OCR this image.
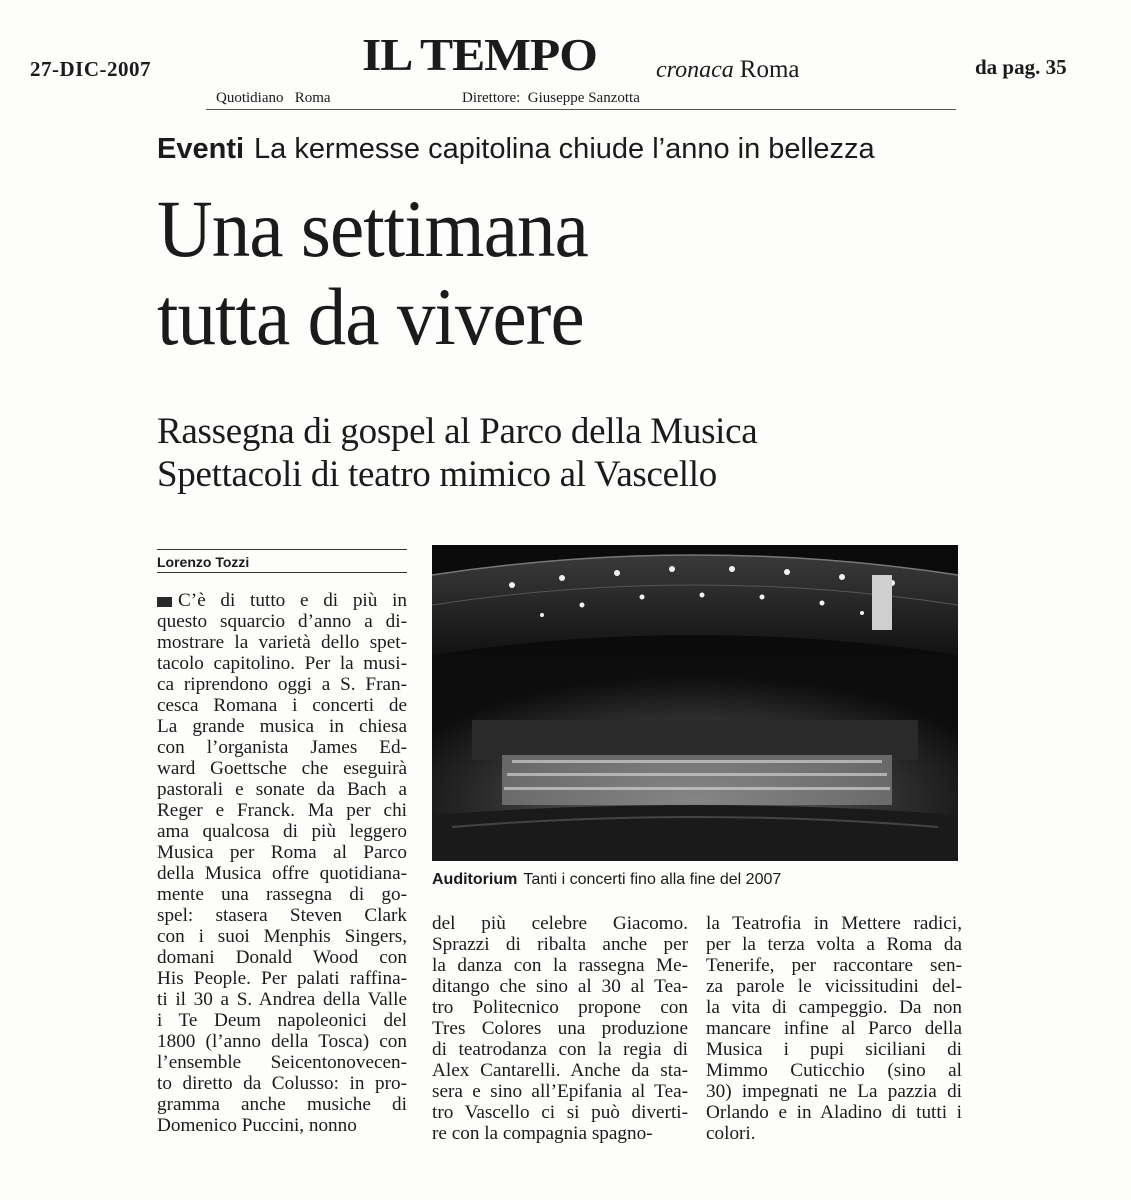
27-DIC-2007	IL TEMPO cronaca Roma	da pag. 35
Quotidiano   Roma	Direttore:  Giuseppe Sanzotta
Eventi La kermesse capitolina chiude l’anno in bellezza
Una settimana
tutta da vivere
Rassegna di gospel al Parco della Musica
Spettacoli di teatro mimico al Vascello
Lorenzo Tozzi
C’è di tutto e di più in
questo squarcio d’anno a di-
mostrare la varietà dello spet-
tacolo capitolino. Per la musi-
ca riprendono oggi a S. Fran-
cesca Romana i concerti de
La grande musica in chiesa
con l’organista James Ed-
ward Goettsche che eseguirà
pastorali e sonate da Bach a
Reger e Franck. Ma per chi
ama qualcosa di più leggero
Musica per Roma al Parco
della Musica offre quotidiana-
mente una rassegna di go-
spel: stasera Steven Clark
con i suoi Menphis Singers,
domani Donald Wood con
His People. Per palati raffina-
ti il 30 a S. Andrea della Valle
i Te Deum napoleonici del
1800 (l’anno della Tosca) con
l’ensemble Seicentonovecen-
to diretto da Colusso: in pro-
gramma anche musiche di
Domenico Puccini, nonno
Auditorium Tanti i concerti fino alla fine del 2007
del più celebre Giacomo.
Sprazzi di ribalta anche per
la danza con la rassegna Me-
ditango che sino al 30 al Tea-
tro Politecnico propone con
Tres Colores una produzione
di teatrodanza con la regia di
Alex Cantarelli. Anche da sta-
sera e sino all’Epifania al Tea-
tro Vascello ci si può diverti-
re con la compagnia spagno-
la Teatrofia in Mettere radici,
per la terza volta a Roma da
Tenerife, per raccontare sen-
za parole le vicissitudini del-
la vita di campeggio. Da non
mancare infine al Parco della
Musica i pupi siciliani di
Mimmo Cuticchio (sino al
30) impegnati ne La pazzia di
Orlando e in Aladino di tutti i
colori.
